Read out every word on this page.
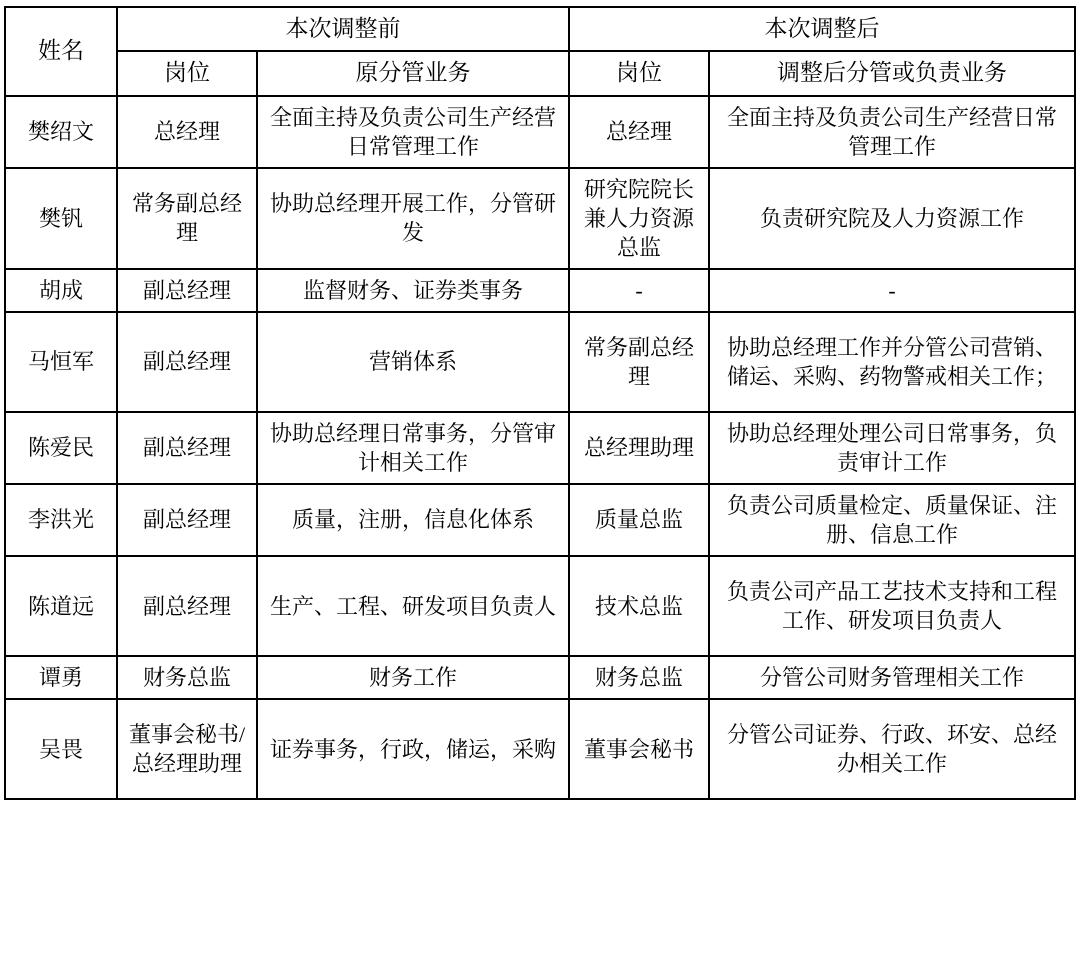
姓名	本次调整前		本次调整后	
	岗位	原分管业务	岗位	调整后分管或负责业务
樊绍文	总经理	全面主持及负责公司生产经营日常管理工作	总经理	全面主持及负责公司生产经营日常管理工作
樊钒	常务副总经理	协助总经理开展工作，分管研发	研究院院长兼人力资源总监	负责研究院及人力资源工作
胡成	副总经理	监督财务、证券类事务	-	-
马恒军	副总经理	营销体系	常务副总经理	协助总经理工作并分管公司营销、储运、采购、药物警戒相关工作；
陈爱民	副总经理	协助总经理日常事务，分管审计相关工作	总经理助理	协助总经理处理公司日常事务，负责审计工作
李洪光	副总经理	质量，注册，信息化体系	质量总监	负责公司质量检定、质量保证、注册、信息工作
陈道远	副总经理	生产、工程、研发项目负责人	技术总监	负责公司产品工艺技术支持和工程工作、研发项目负责人
谭勇	财务总监	财务工作	财务总监	分管公司财务管理相关工作
吴畏	董事会秘书/总经理助理	证券事务，行政，储运，采购	董事会秘书	分管公司证券、行政、环安、总经办相关工作
